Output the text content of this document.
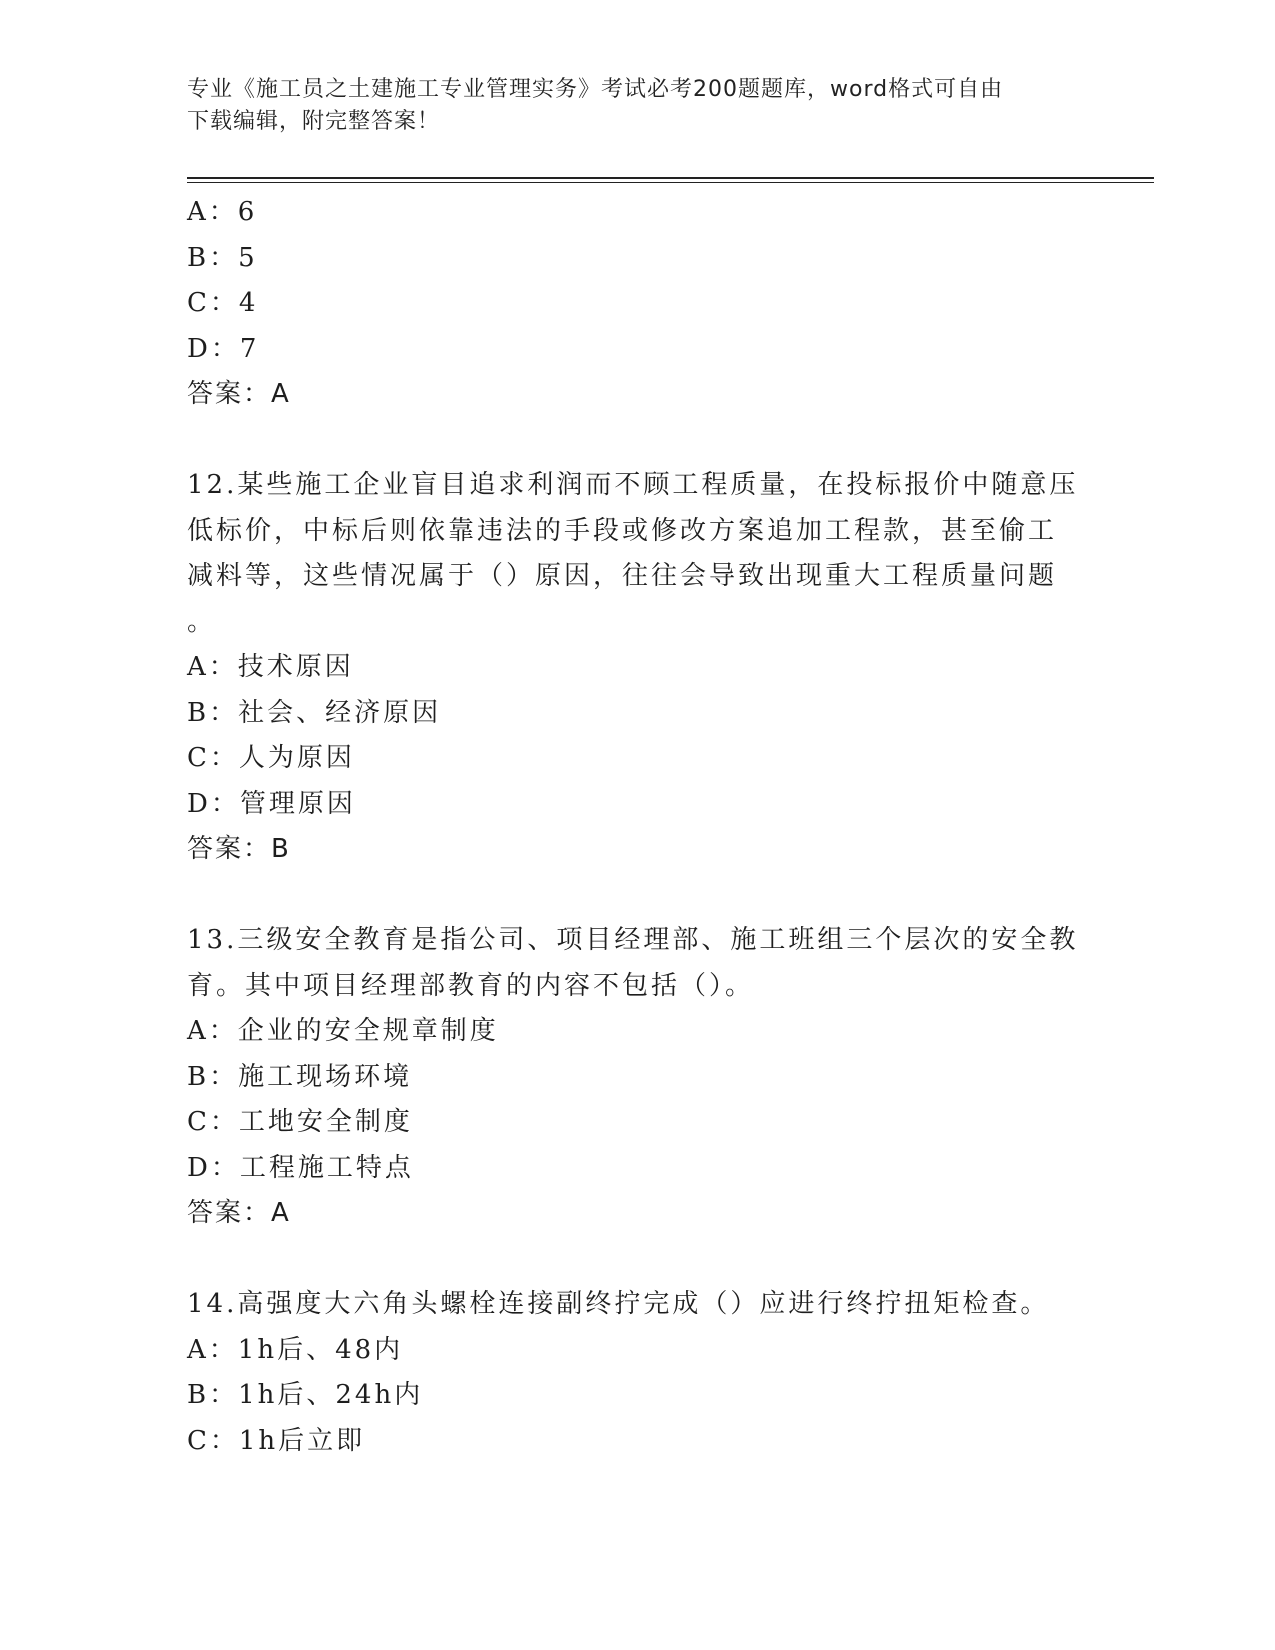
专业《施工员之土建施工专业管理实务》考试必考200题题库，word格式可自由
下载编辑，附完整答案！
A：6
B：5
C：4
D：7
答案：A
12.某些施工企业盲目追求利润而不顾工程质量，在投标报价中随意压
低标价，中标后则依靠违法的手段或修改方案追加工程款，甚至偷工
减料等，这些情况属于（）原因，往往会导致出现重大工程质量问题
。
A：技术原因
B：社会、经济原因
C：人为原因
D：管理原因
答案：B
13.三级安全教育是指公司、项目经理部、施工班组三个层次的安全教
育。其中项目经理部教育的内容不包括（）。
A：企业的安全规章制度
B：施工现场环境
C：工地安全制度
D：工程施工特点
答案：A
14.高强度大六角头螺栓连接副终拧完成（）应进行终拧扭矩检查。
A：1h后、48内
B：1h后、24h内
C：1h后立即
